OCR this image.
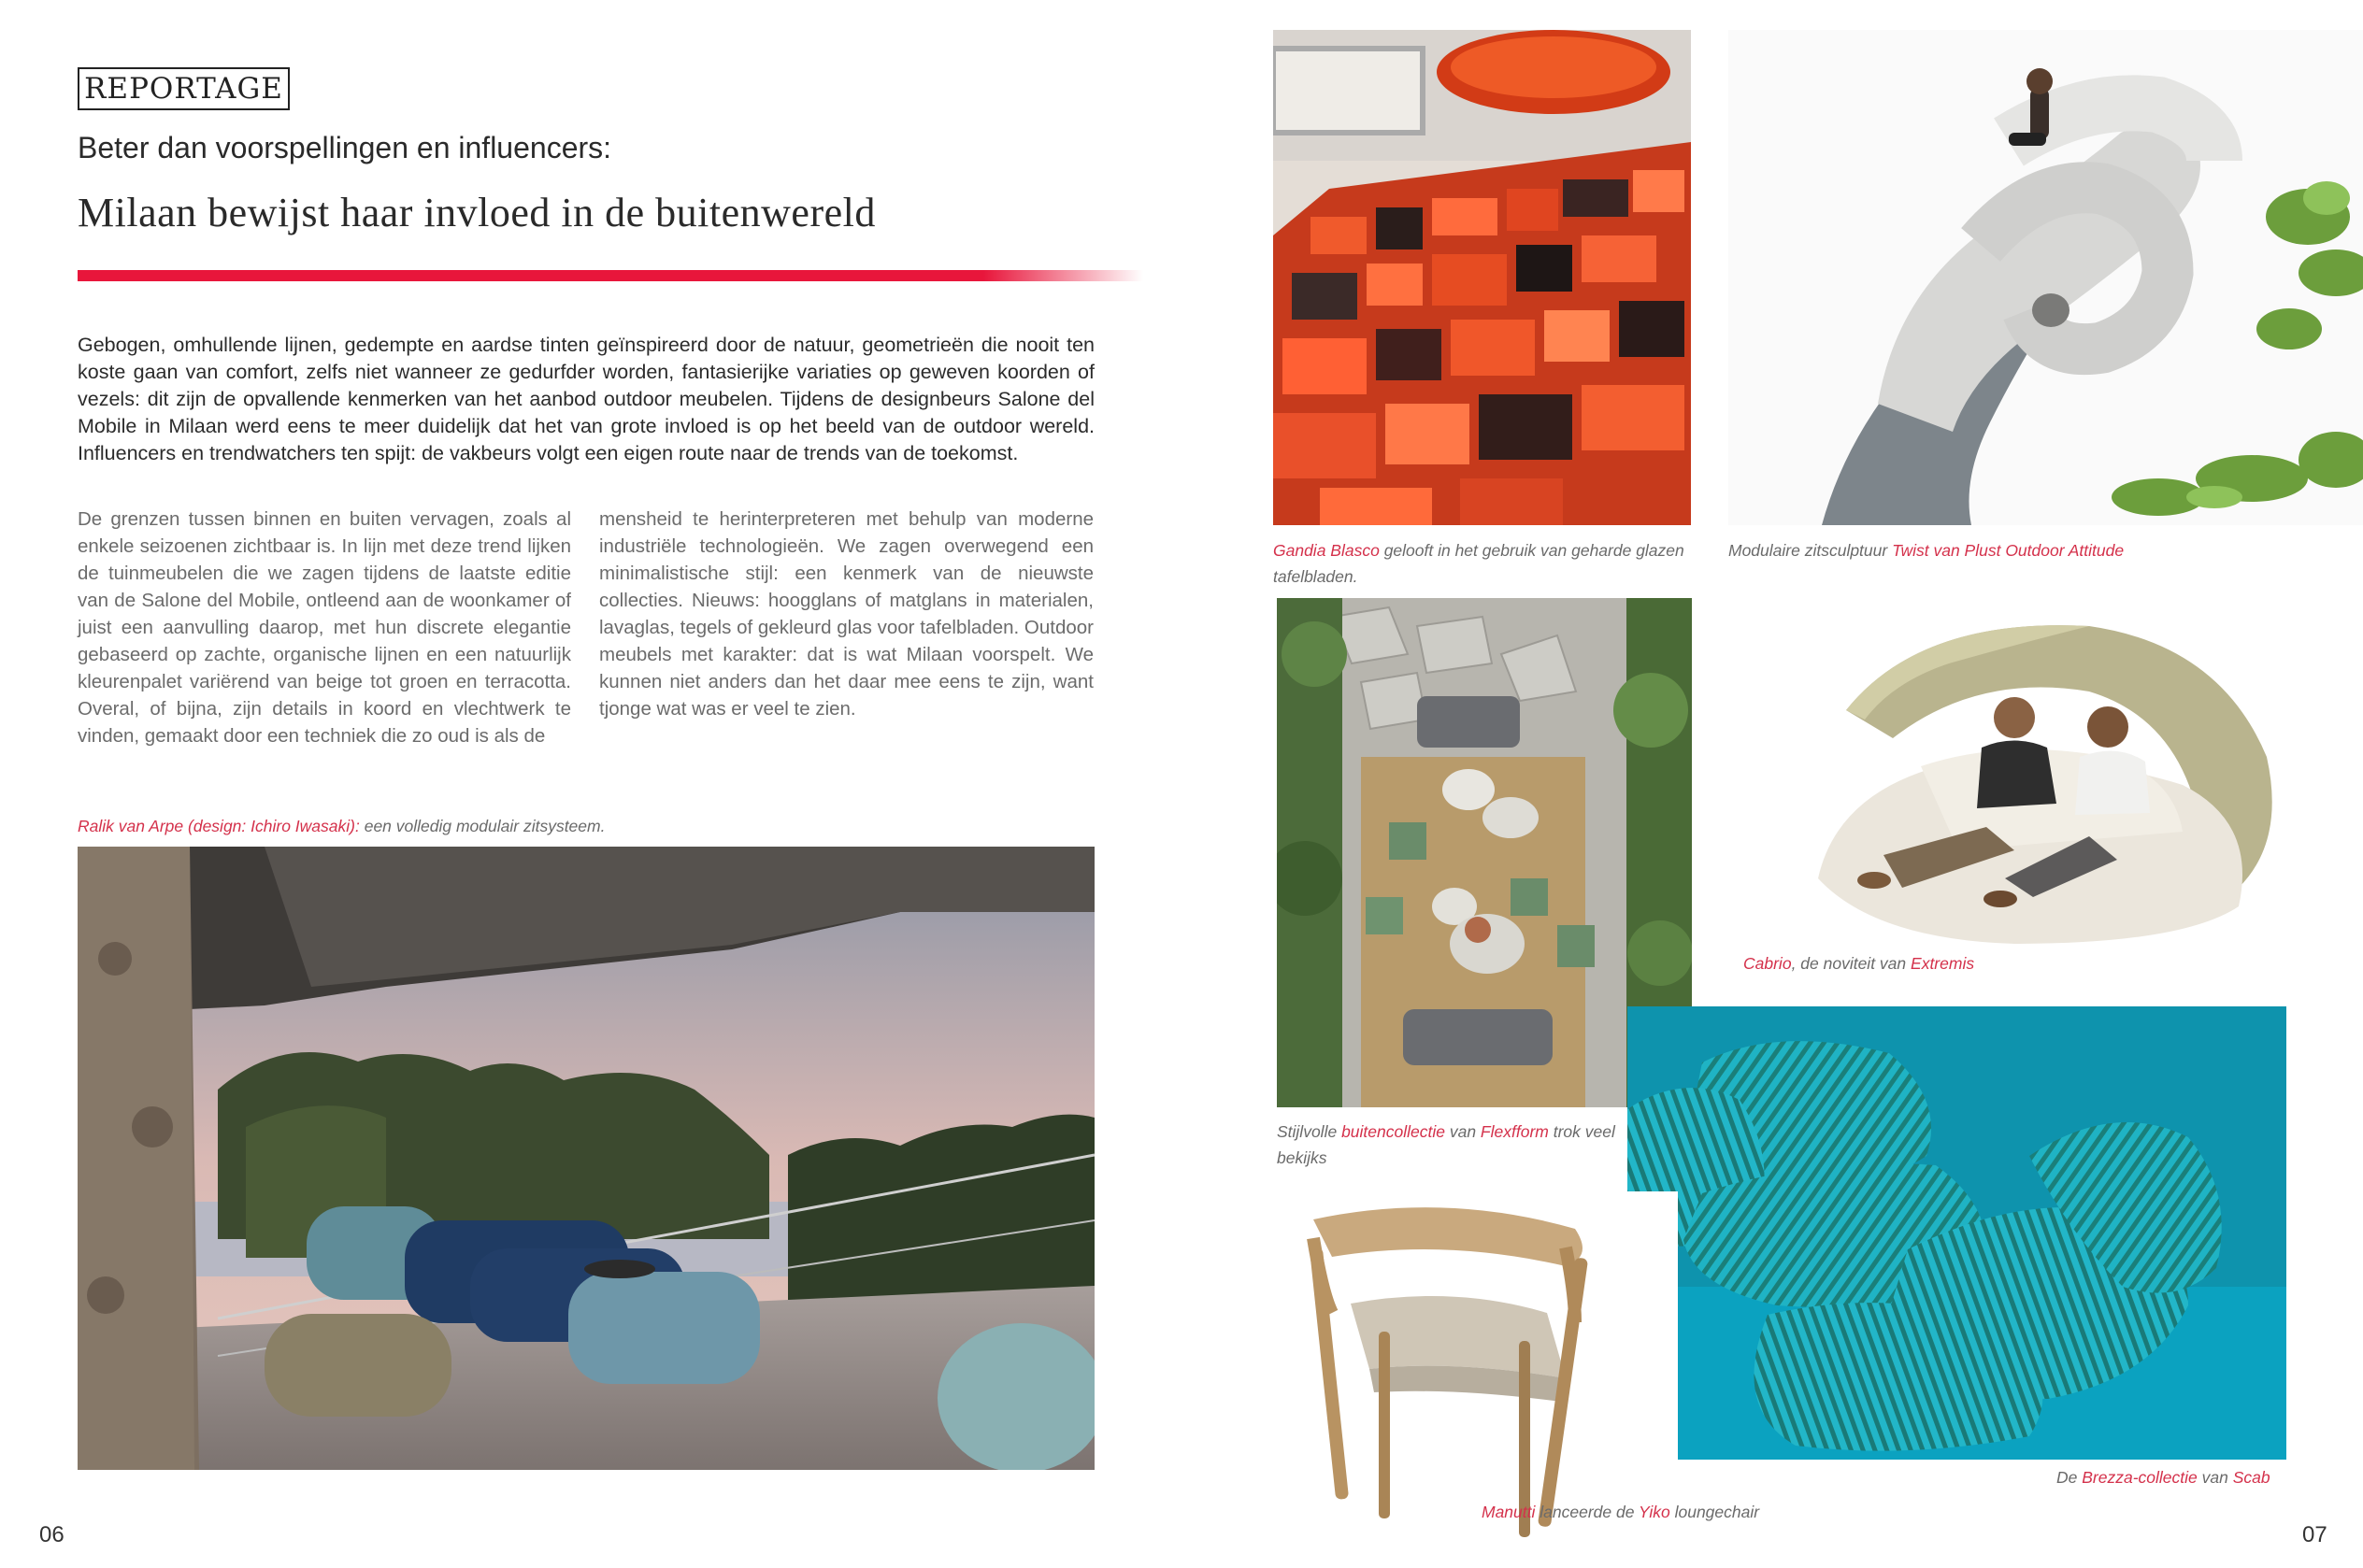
REPORTAGE
Beter dan voorspellingen en influencers:
Milaan bewijst haar invloed in de buitenwereld
Gebogen, omhullende lijnen, gedempte en aardse tinten geïnspireerd door de natuur, geometrieën die nooit ten koste gaan van comfort, zelfs niet wanneer ze gedurfder worden, fantasierijke variaties op geweven koorden of vezels: dit zijn de opvallende kenmerken van het aanbod outdoor meubelen. Tijdens de designbeurs Salone del Mobile in Milaan werd eens te meer duidelijk dat het van grote invloed is op het beeld van de outdoor wereld. Influencers en trendwatchers ten spijt: de vakbeurs volgt een eigen route naar de trends van de toekomst.
De grenzen tussen binnen en buiten vervagen, zoals al enkele seizoenen zichtbaar is. In lijn met deze trend lijken de tuinmeubelen die we zagen tijdens de laatste editie van de Salone del Mobile, ontleend aan de woonkamer of juist een aanvulling daarop, met hun discrete elegantie gebaseerd op zachte, organische lijnen en een natuurlijk kleurenpalet variërend van beige tot groen en terracotta. Overal, of bijna, zijn details in koord en vlechtwerk te vinden, gemaakt door een techniek die zo oud is als de
mensheid te herinterpreteren met behulp van moderne industriële technologieën. We zagen overwegend een minimalistische stijl: een kenmerk van de nieuwste collecties. Nieuws: hoogglans of matglans in materialen, lavaglas, tegels of gekleurd glas voor tafelbladen. Outdoor meubels met karakter: dat is wat Milaan voorspelt. We kunnen niet anders dan het daar mee eens te zijn, want tjonge wat was er veel te zien.
Ralik van Arpe (design: Ichiro Iwasaki): een volledig modulair zitsysteem.
06
Gandia Blasco gelooft in het gebruik van geharde glazen tafelbladen.
Modulaire zitsculptuur Twist van Plust Outdoor Attitude
Stijlvolle buitencollectie van Flexfform trok veel bekijks
Cabrio, de noviteit van Extremis
De Brezza-collectie van Scab
Manutti lanceerde de Yiko loungechair
07
